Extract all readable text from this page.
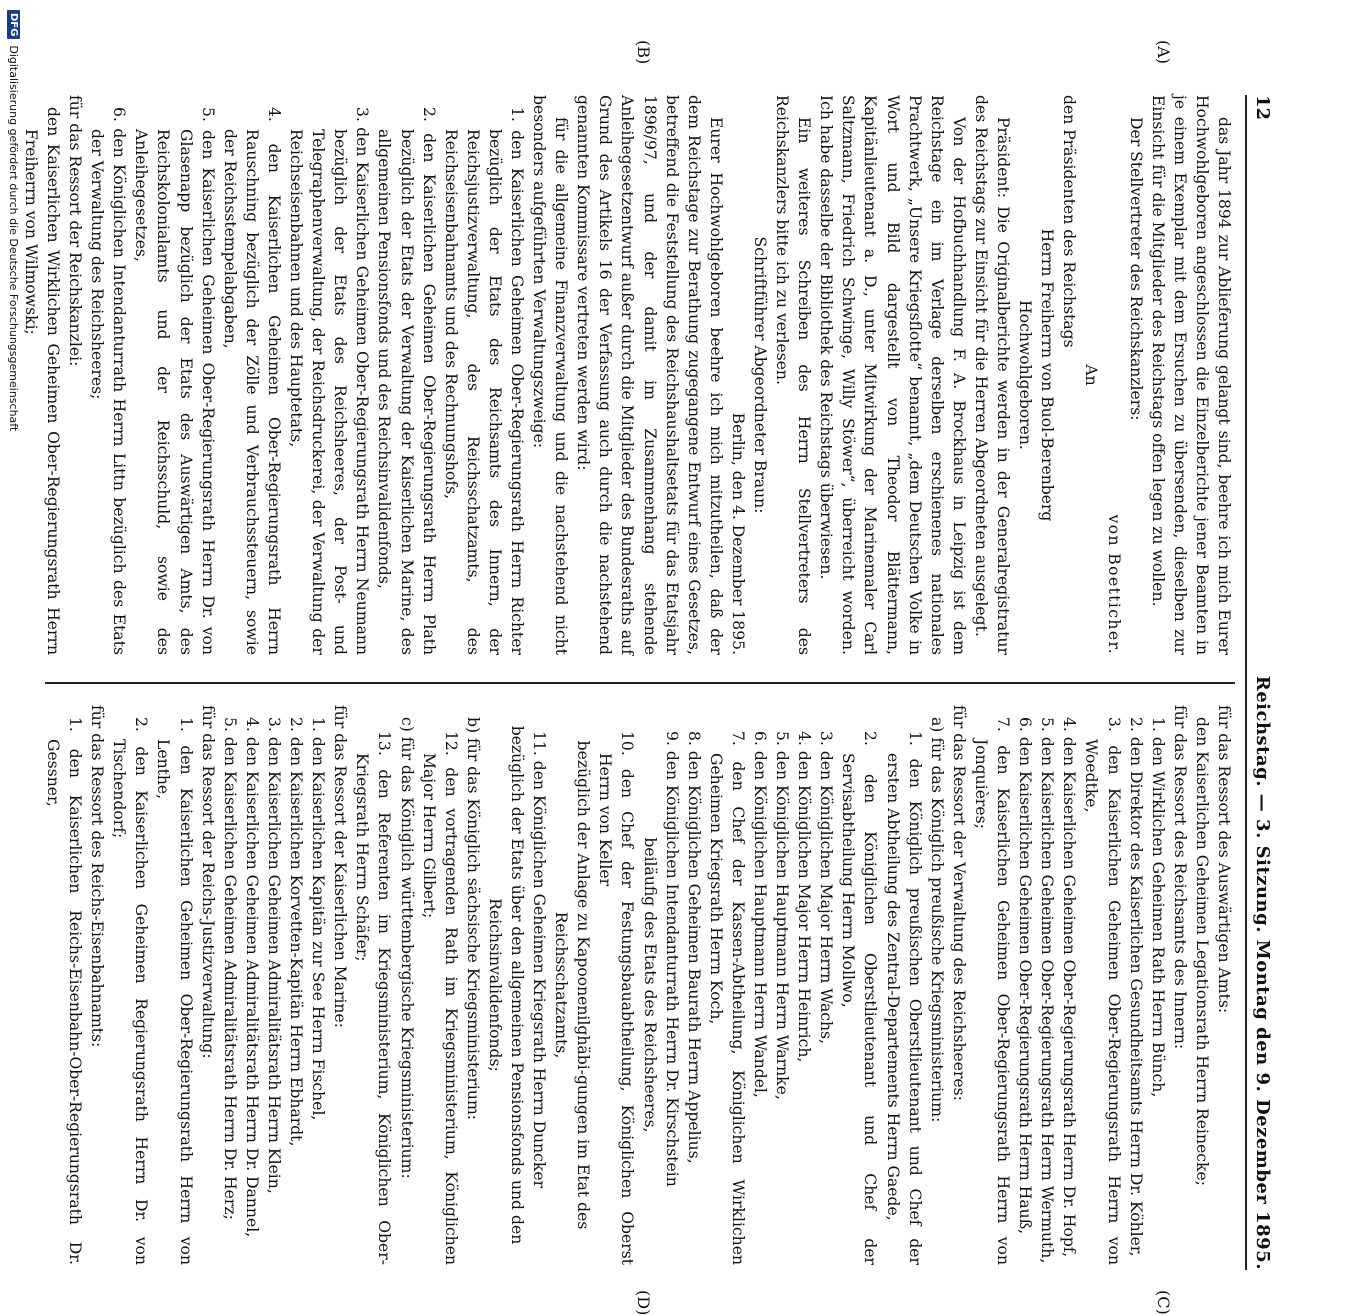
12
Reichstag. — 3. Sitzung. Montag den 9. Dezember 1895.
(A)
(B)
(C)
(D)

das Jahr 1894 zur Ablieferung gelangt sind, beehre ich mich Eurer Hochwohlgeboren angeschlossen die Einzelberichte jener Beamten in je einem Exemplar mit dem Ersuchen zu übersenden, dieselben zur Einsicht für die Mitglieder des Reichstags offen legen zu wollen.

Der Stellvertreter des Reichskanzlers:

von Boetticher.

An

den Präsidenten des Reichstags

Herrn Freiherrn von Buol-Berenberg

Hochwohlgeboren.

Präsident: Die Originalberichte werden in der Generalregistratur des Reichstags zur Einsicht für die Herren Abgeordneten ausgelegt.

Von der Hofbuchhandlung F. A. Brockhaus in Leipzig ist dem Reichstage ein im Verlage derselben erschienenes nationales Prachtwerk, „Unsere Kriegsflotte“ benannt, „dem Deutschen Volke in Wort und Bild dargestellt von Theodor Blättermann, Kapitänlieutenant a. D., unter Mitwirkung der Marinemaler Carl Saltzmann, Friedrich Schwinge, Willy Stöwer“, überreicht worden. Ich habe dasselbe der Bibliothek des Reichstags überwiesen.

Ein weiteres Schreiben des Herrn Stellvertreters des Reichskanzlers bitte ich zu verlesen.

Schriftführer Abgeordneter Braun:

Berlin, den 4. Dezember 1895.

Eurer Hochwohlgeboren beehre ich mich mitzutheilen, daß der dem Reichstage zur Berathung zugegangene Entwurf eines Gesetzes, betreffend die Feststellung des Reichshaushaltsetats für das Etatsjahr 1896/97, und der damit im Zusammenhang stehende Anleihegesetzentwurf außer durch die Mitglieder des Bundesraths auf Grund des Artikels 16 der Verfassung auch durch die nachstehend genannten Kommissare vertreten werden wird:

für die allgemeine Finanzverwaltung und die nachstehend nicht besonders aufgeführten Verwaltungszweige:

1. den Kaiserlichen Geheimen Ober-Regierungsrath Herrn Richter bezüglich der Etats des Reichsamts des Innern, der Reichsjustizverwaltung, des Reichsschatzamts, des Reichseisenbahnamts und des Rechnungshofs,

2. den Kaiserlichen Geheimen Ober-Regierungsrath Herrn Plath bezüglich der Etats der Verwaltung der Kaiserlichen Marine, des allgemeinen Pensionsfonds und des Reichsinvalidenfonds,

3. den Kaiserlichen Geheimen Ober-Regierungsrath Herrn Neumann bezüglich der Etats des Reichsheeres, der Post- und Telegraphenverwaltung, der Reichsdruckerei, der Verwaltung der Reichseisenbahnen und des Hauptetats,

4. den Kaiserlichen Geheimen Ober-Regierungsrath Herrn Rauschning bezüglich der Zölle und Verbrauchssteuern, sowie der Reichsstempelabgaben,

5. den Kaiserlichen Geheimen Ober-Regierungsrath Herrn Dr. von Glasenapp bezüglich der Etats des Auswärtigen Amts, des Reichskolonialamts und der Reichsschuld, sowie des Anleihegesetzes,

6. den Königlichen Intendanturrath Herrn Littn bezüglich des Etats der Verwaltung des Reichsheeres;

für das Ressort der Reichskanzlei:

den Kaiserlichen Wirklichen Geheimen Ober-Regierungsrath Herrn Freiherrn von Wilmowski;

für das Ressort des Auswärtigen Amts:

den Kaiserlichen Geheimen Legationsrath Herrn Reinecke;

für das Ressort des Reichsamts des Innern:

1. den Wirklichen Geheimen Rath Herrn Bünch,

2. den Direktor des Kaiserlichen Gesundheitsamts Herrn Dr. Köhler,

3. den Kaiserlichen Geheimen Ober-Regierungsrath Herrn von Woedtke,

4. den Kaiserlichen Geheimen Ober-Regierungsrath Herrn Dr. Hopf,

5. den Kaiserlichen Geheimen Ober-Regierungsrath Herrn Wermuth,

6. den Kaiserlichen Geheimen Ober-Regierungsrath Herrn Hauß,

7. den Kaiserlichen Geheimen Ober-Regierungsrath Herrn von Jonquières;

für das Ressort der Verwaltung des Reichsheeres:

a) für das Königlich preußische Kriegsministerium:

1. den Königlich preußischen Oberstlieutenant und Chef der ersten Abtheilung des Zentral-Departements Herrn Gaede,

2. den Königlichen Oberstlieutenant und Chef der Servisabtheilung Herrn Mollwo,

3. den Königlichen Major Herrn Wachs,

4. den Königlichen Major Herrn Heinrich,

5. den Königlichen Hauptmann Herrn Warnke,

6. den Königlichen Hauptmann Herrn Wandel,

7. den Chef der Kassen-Abtheilung, Königlichen Wirklichen Geheimen Kriegsrath Herrn Koch,

8. den Königlichen Geheimen Baurath Herrn Appelius,

9. den Königlichen Intendanturrath Herrn Dr. Kirschstein

beiläufig des Etats des Reichsheeres,

10. den Chef der Festungsbauabtheilung, Königlichen Oberst Herrn von Keller

bezüglich der Anlage zu Kapoonenilghäbi-gungen im Etat des Reichsschatzamts,

11. den Königlichen Geheimen Kriegsrath Herrn Duncker

bezüglich der Etats über den allgemeinen Pensionsfonds und den Reichsinvalidenfonds;

b) für das Königlich sächsische Kriegsministerium:

12. den vortragenden Rath im Kriegsministerium, Königlichen Major Herrn Gilbert;

c) für das Königlich württembergische Kriegsministerium:

13. den Referenten im Kriegsministerium, Königlichen Ober-Kriegsrath Herrn Schäfer;

für das Ressort der Kaiserlichen Marine:

1. den Kaiserlichen Kapitän zur See Herrn Fischel,

2. den Kaiserlichen Korvetten-Kapitän Herrn Ebhardt,

3. den Kaiserlichen Geheimen Admiralitätsrath Herrn Klein,

4. den Kaiserlichen Geheimen Admiralitätsrath Herrn Dr. Dannel,

5. den Kaiserlichen Geheimen Admiralitätsrath Herrn Dr. Herz;

für das Ressort der Reichs-Justizverwaltung:

1. den Kaiserlichen Geheimen Ober-Regierungsrath Herrn von Lenthe,

2. den Kaiserlichen Geheimen Regierungsrath Herrn Dr. von Tischendorf;

für das Ressort des Reichs-Eisenbahnamts:

1. den Kaiserlichen Reichs-Eisenbahn-Ober-Regierungsrath Dr. Gessner,

DFG
Digitalisierung gefördert durch die Deutsche Forschungsgemeinschaft
